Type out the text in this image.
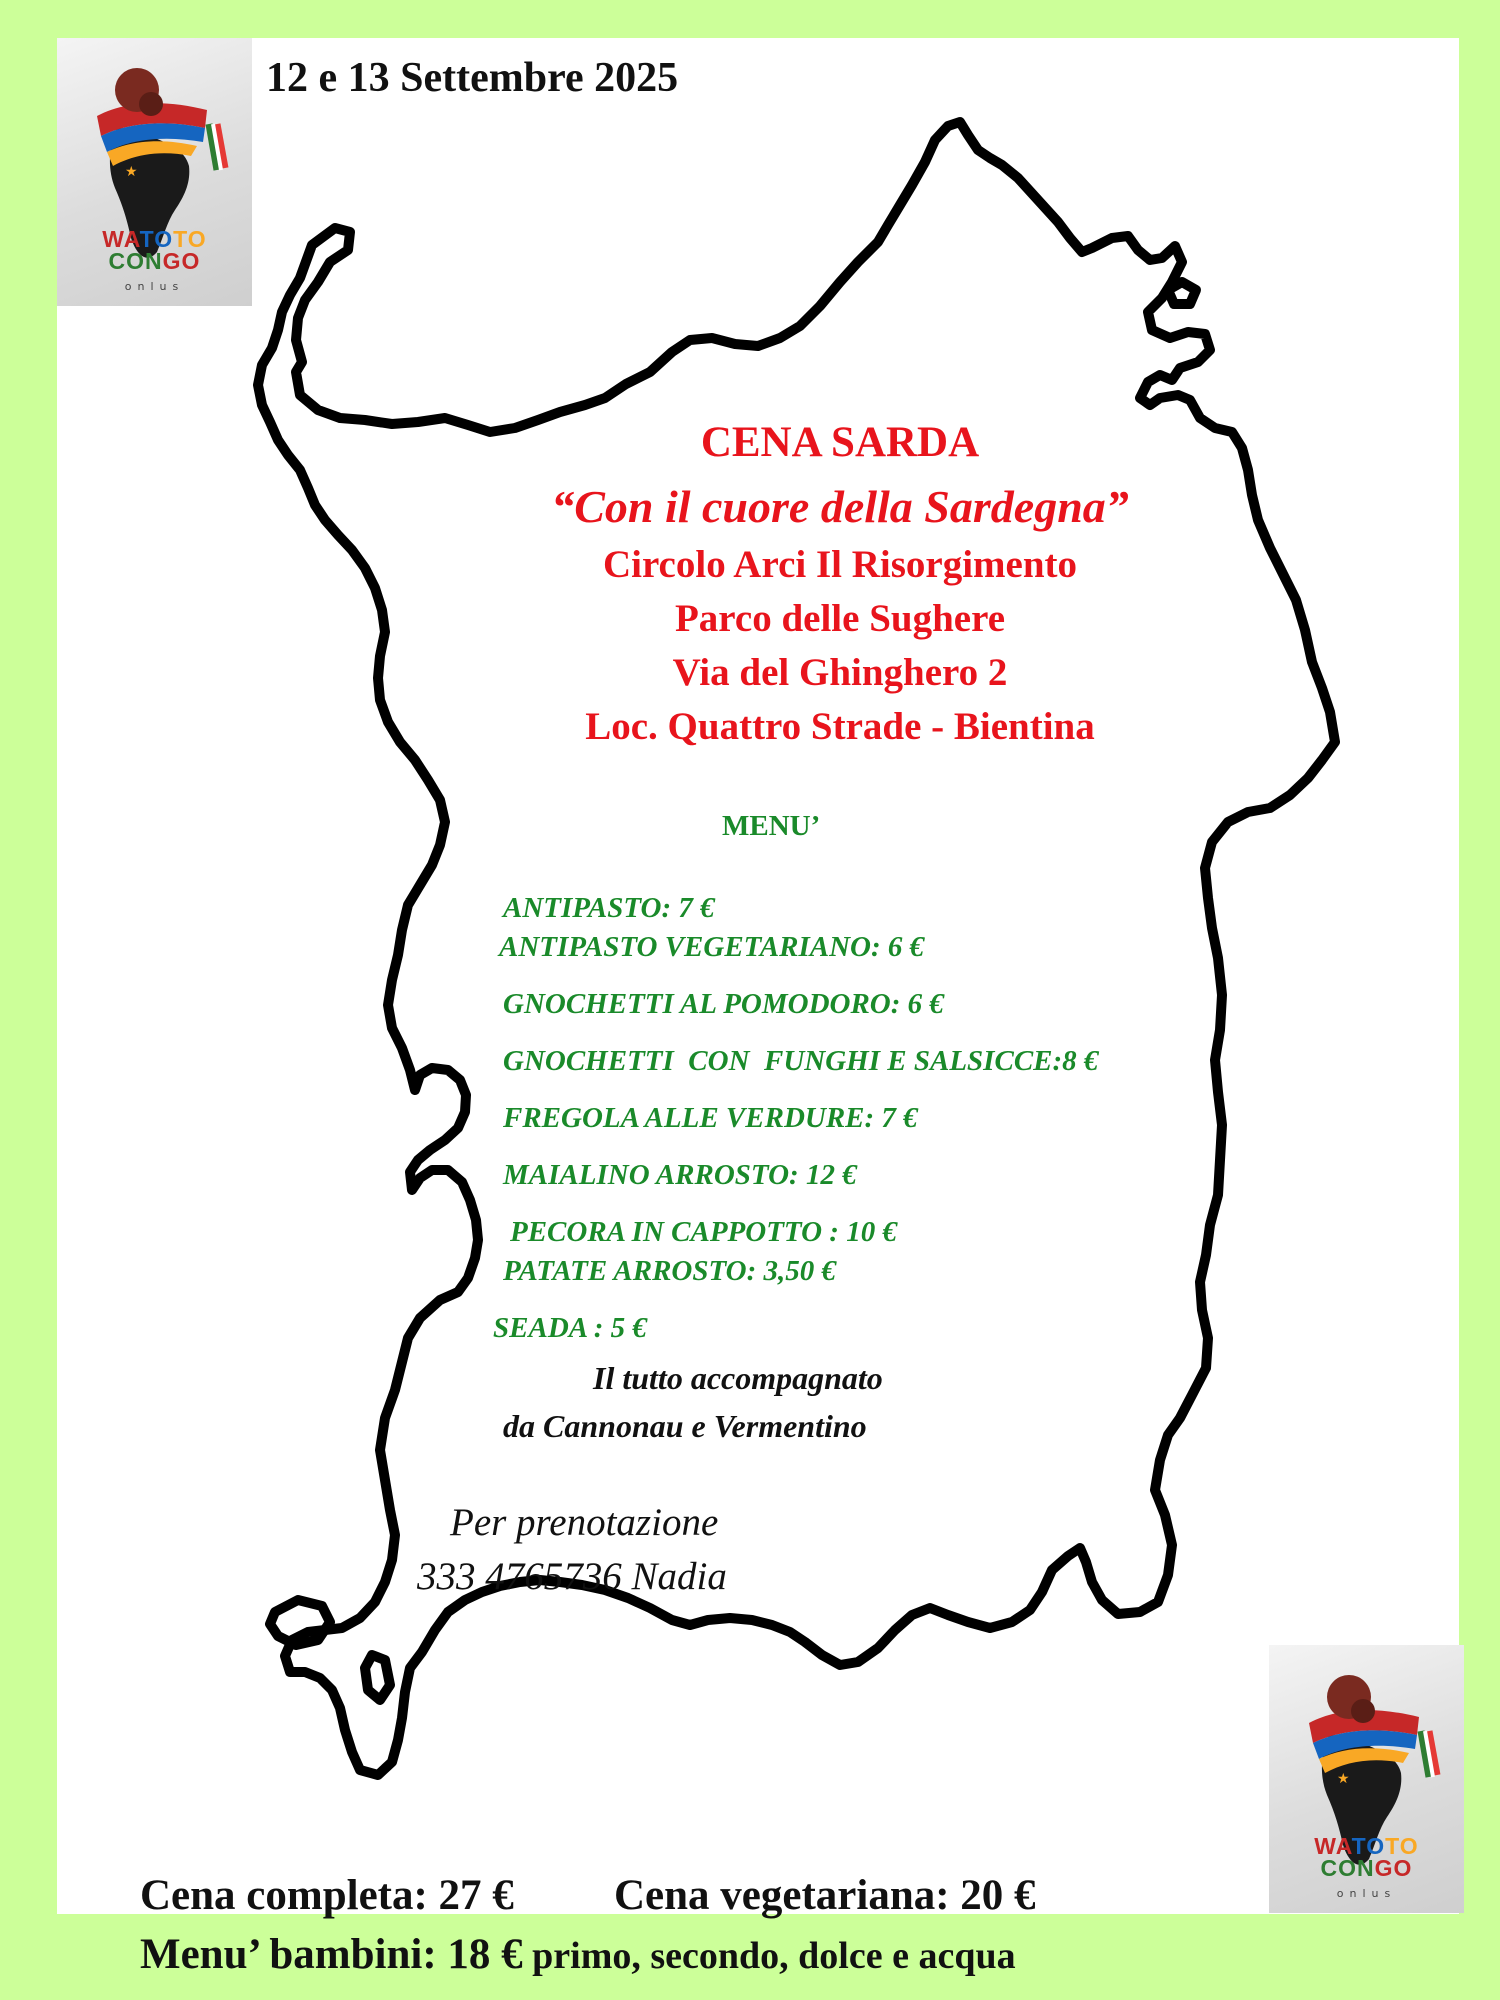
★
WATOTO
CONGO
onlus
★
WATOTO
CONGO
onlus
12 e 13 Settembre 2025
CENA SARDA
“Con il cuore della Sardegna”
Circolo Arci Il Risorgimento
Parco delle Sughere
Via del Ghinghero 2
Loc. Quattro Strade - Bientina
MENU’
ANTIPASTO: 7 €
ANTIPASTO VEGETARIANO: 6 €
GNOCHETTI AL POMODORO: 6 €
GNOCHETTI  CON  FUNGHI E SALSICCE:8 €
FREGOLA ALLE VERDURE: 7 €
MAIALINO ARROSTO: 12 €
PECORA IN CAPPOTTO : 10 €
PATATE ARROSTO: 3,50 €
SEADA : 5 €
Il tutto accompagnato
da Cannonau e Vermentino
Per prenotazione
333 4765736 Nadia
Cena completa: 27 € Cena vegetariana: 20 €
Menu’ bambini: 18 € primo, secondo, dolce e acqua
